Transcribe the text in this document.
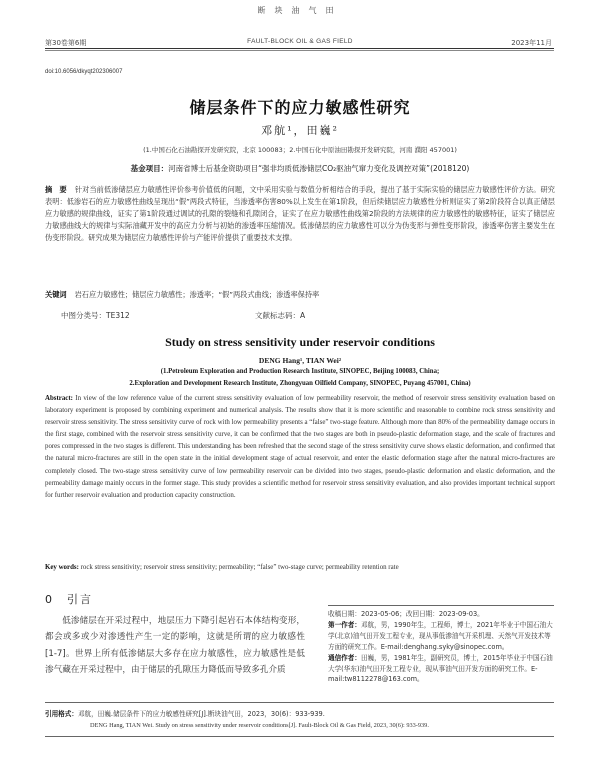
断块油气田
第30卷第6期	FAULT-BLOCK OIL & GAS FIELD	2023年11月
doi:10.6056/dkyqt202306007
储层条件下的应力敏感性研究
邓航¹，田巍²
(1.中国石化石油勘探开发研究院，北京 100083；2.中国石化中原油田勘探开发研究院，河南 濮阳 457001)
基金项目：河南省博士后基金资助项目“强非均质低渗储层CO₂驱油气窜力变化及调控对策”(2018120)
摘　要 针对当前低渗储层应力敏感性评价参考价值低的问题，文中采用实验与数值分析相结合的手段，提出了基于实际实验的储层应力敏感性评价方法。研究表明：低渗岩石的应力敏感性曲线呈现出“假”两段式特征，当渗透率伤害80%以上发生在第1阶段，但后续储层应力敏感性分析则证实了第2阶段符合以真正储层应力敏感的规律曲线，证实了第1阶段通过调试的孔隙的裂缝和孔隙闭合，证实了在应力敏感性曲线第2阶段的方法规律的应力敏感性的敏感特征，证实了储层应力敏感曲线大的规律与实际油藏开发中的高应力分析与初始的渗透率压缩情况。低渗储层的应力敏感性可以分为伪变形与弹性变形阶段，渗透率伤害主要发生在伪变形阶段。研究成果为储层应力敏感性评价与产能评价提供了重要技术支撑。
关键词 岩石应力敏感性；储层应力敏感性；渗透率；“假”两段式曲线；渗透率保持率
中图分类号：TE312	文献标志码：A
Study on stress sensitivity under reservoir conditions
DENG Hang¹, TIAN Wei²
(1.Petroleum Exploration and Production Research Institute, SINOPEC, Beijing 100083, China;
2.Exploration and Development Research Institute, Zhongyuan Oilfield Company, SINOPEC, Puyang 457001, China)
Abstract: In view of the low reference value of the current stress sensitivity evaluation of low permeability reservoir, the method of reservoir stress sensitivity evaluation based on laboratory experiment is proposed by combining experiment and numerical analysis. The results show that it is more scientific and reasonable to combine rock stress sensitivity and reservoir stress sensitivity. The stress sensitivity curve of rock with low permeability presents a “false” two-stage feature. Although more than 80% of the permeability damage occurs in the first stage, combined with the reservoir stress sensitivity curve, it can be confirmed that the two stages are both in pseudo-plastic deformation stage, and the scale of fractures and pores compressed in the two stages is different. This understanding has been refreshed that the second stage of the stress sensitivity curve shows elastic deformation, and confirmed that the natural micro-fractures are still in the open state in the initial development stage of actual reservoir, and enter the elastic deformation stage after the natural micro-fractures are completely closed. The two-stage stress sensitivity curve of low permeability reservoir can be divided into two stages, pseudo-plastic deformation and elastic deformation, and the permeability damage mainly occurs in the former stage. This study provides a scientific method for reservoir stress sensitivity evaluation, and also provides important technical support for further reservoir evaluation and production capacity construction.
Key words: rock stress sensitivity; reservoir stress sensitivity; permeability; “false” two-stage curve; permeability retention rate
0　引言
低渗储层在开采过程中，地层压力下降引起岩石本体结构变形，都会或多或少对渗透性产生一定的影响，这就是所谓的应力敏感性[1-7]。世界上所有低渗储层大多存在应力敏感性，应力敏感性是低渗气藏在开采过程中，由于储层的孔隙压力降低而导致多孔介质

收稿日期：2023-05-06；改回日期：2023-09-03。

第一作者：邓航，男，1990年生，工程师，博士，2021年毕业于中国石油大学(北京)油气田开发工程专业，现从事低渗油气开采机理、天然气开发技术等方面的研究工作。E-mail:denghang.syky@sinopec.com。

通信作者：田巍，男，1981年生，副研究员，博士，2015年毕业于中国石油大学(华东)油气田开发工程专业，现从事油气田开发方面的研究工作。E-mail:tw8112278@163.com。

引用格式：邓航，田巍.储层条件下的应力敏感性研究[J].断块油气田，2023，30(6)：933-939.
DENG Hang, TIAN Wei. Study on stress sensitivity under reservoir conditions[J]. Fault-Block Oil & Gas Field, 2023, 30(6): 933-939.
